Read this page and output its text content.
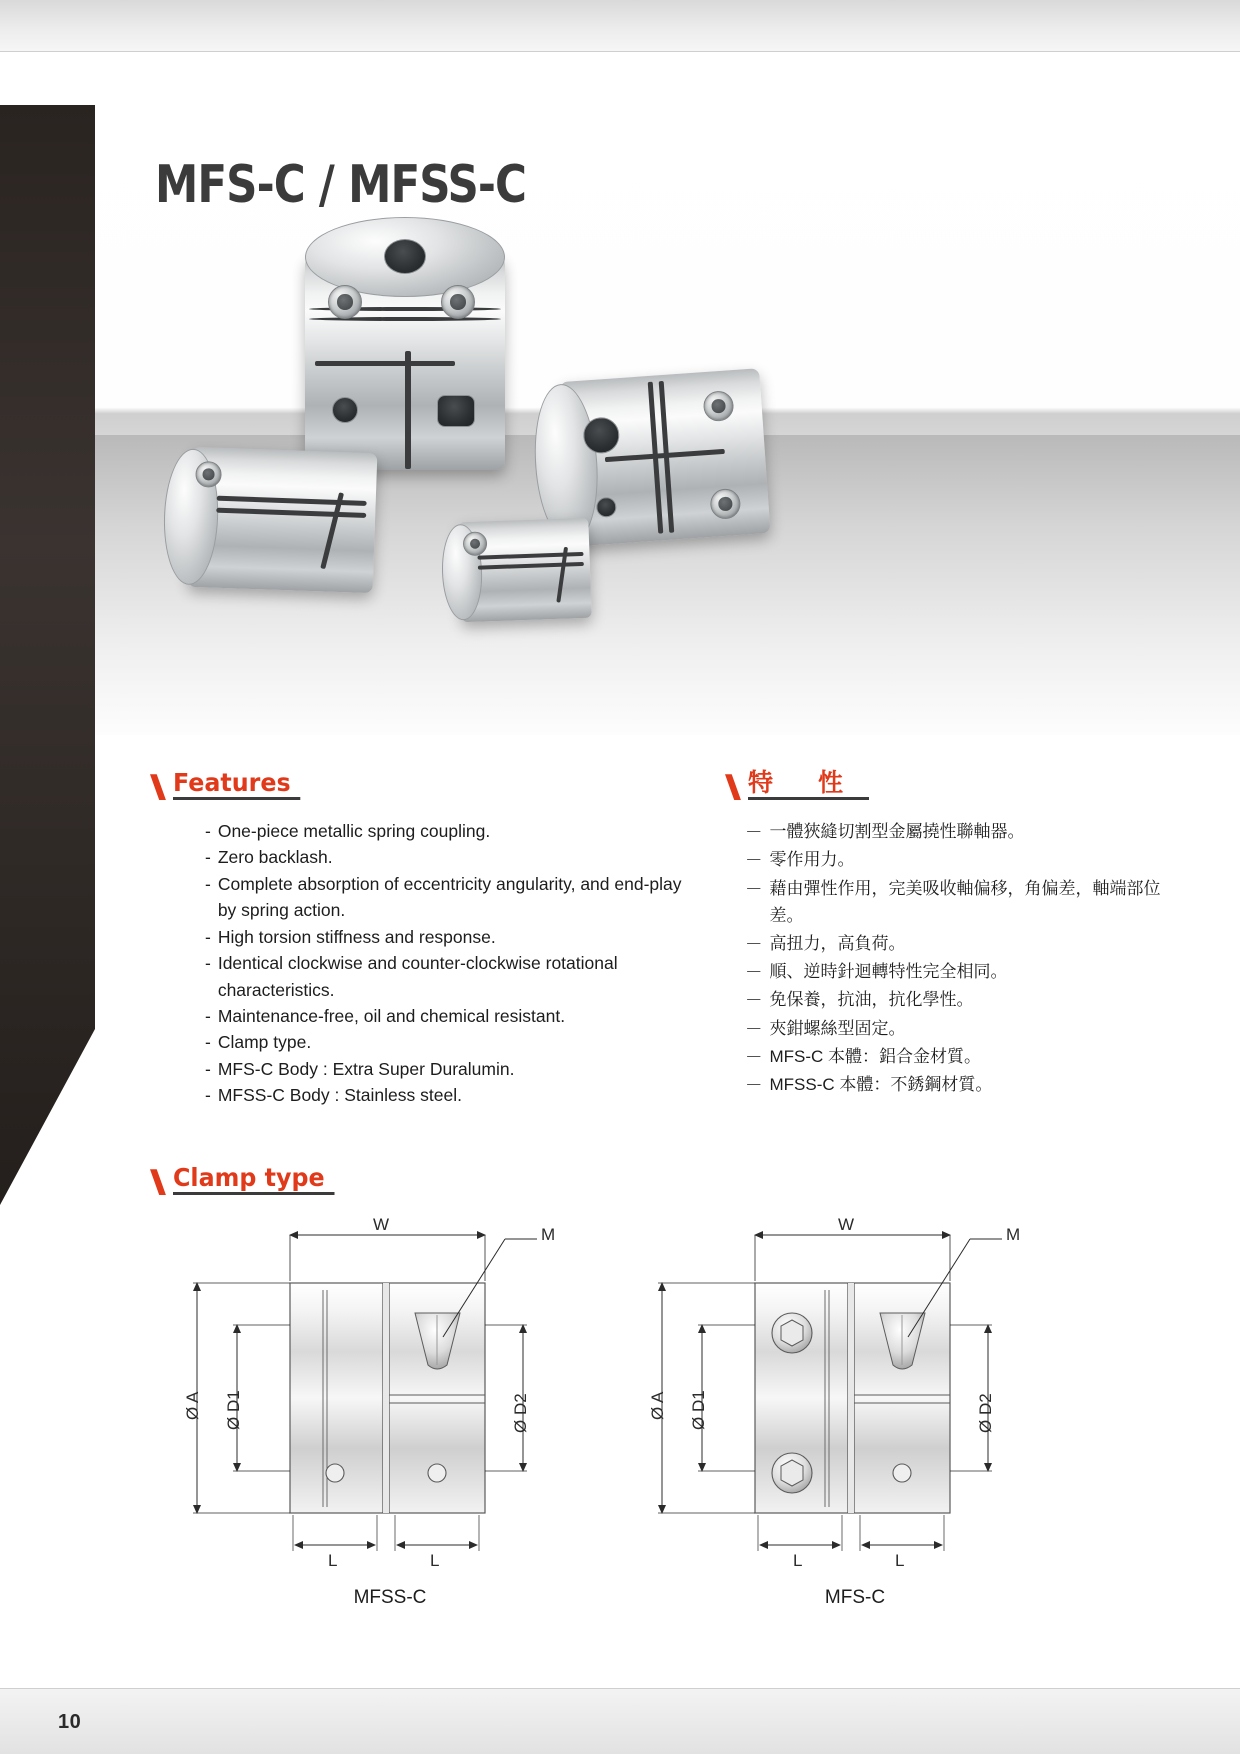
MFS-C / MFSS-C
Features	特　性
- One-piece metallic spring coupling.
- Zero backlash.
- Complete absorption of eccentricity angularity, and end-play by spring action.
- High torsion stiffness and response.
- Identical clockwise and counter-clockwise rotational characteristics.
- Maintenance-free, oil and chemical resistant.
- Clamp type.
- MFS-C Body : Extra Super Duralumin.
- MFSS-C Body : Stainless steel.
－ 一體狹縫切割型金屬撓性聯軸器。
－ 零作用力。
－ 藉由彈性作用，完美吸收軸偏移，角偏差，軸端部位差。
－ 高扭力，高負荷。
－ 順、逆時針迴轉特性完全相同。
－ 免保養，抗油，抗化學性。
－ 夾鉗螺絲型固定。
－ MFS-C 本體：鋁合金材質。
－ MFSS-C 本體：不銹鋼材質。
Clamp type
W
M
Ø A Ø D1	Ø D2
L	L
MFSS-C
W
M
Ø A Ø D1	Ø D2
L	L
MFS-C
10
